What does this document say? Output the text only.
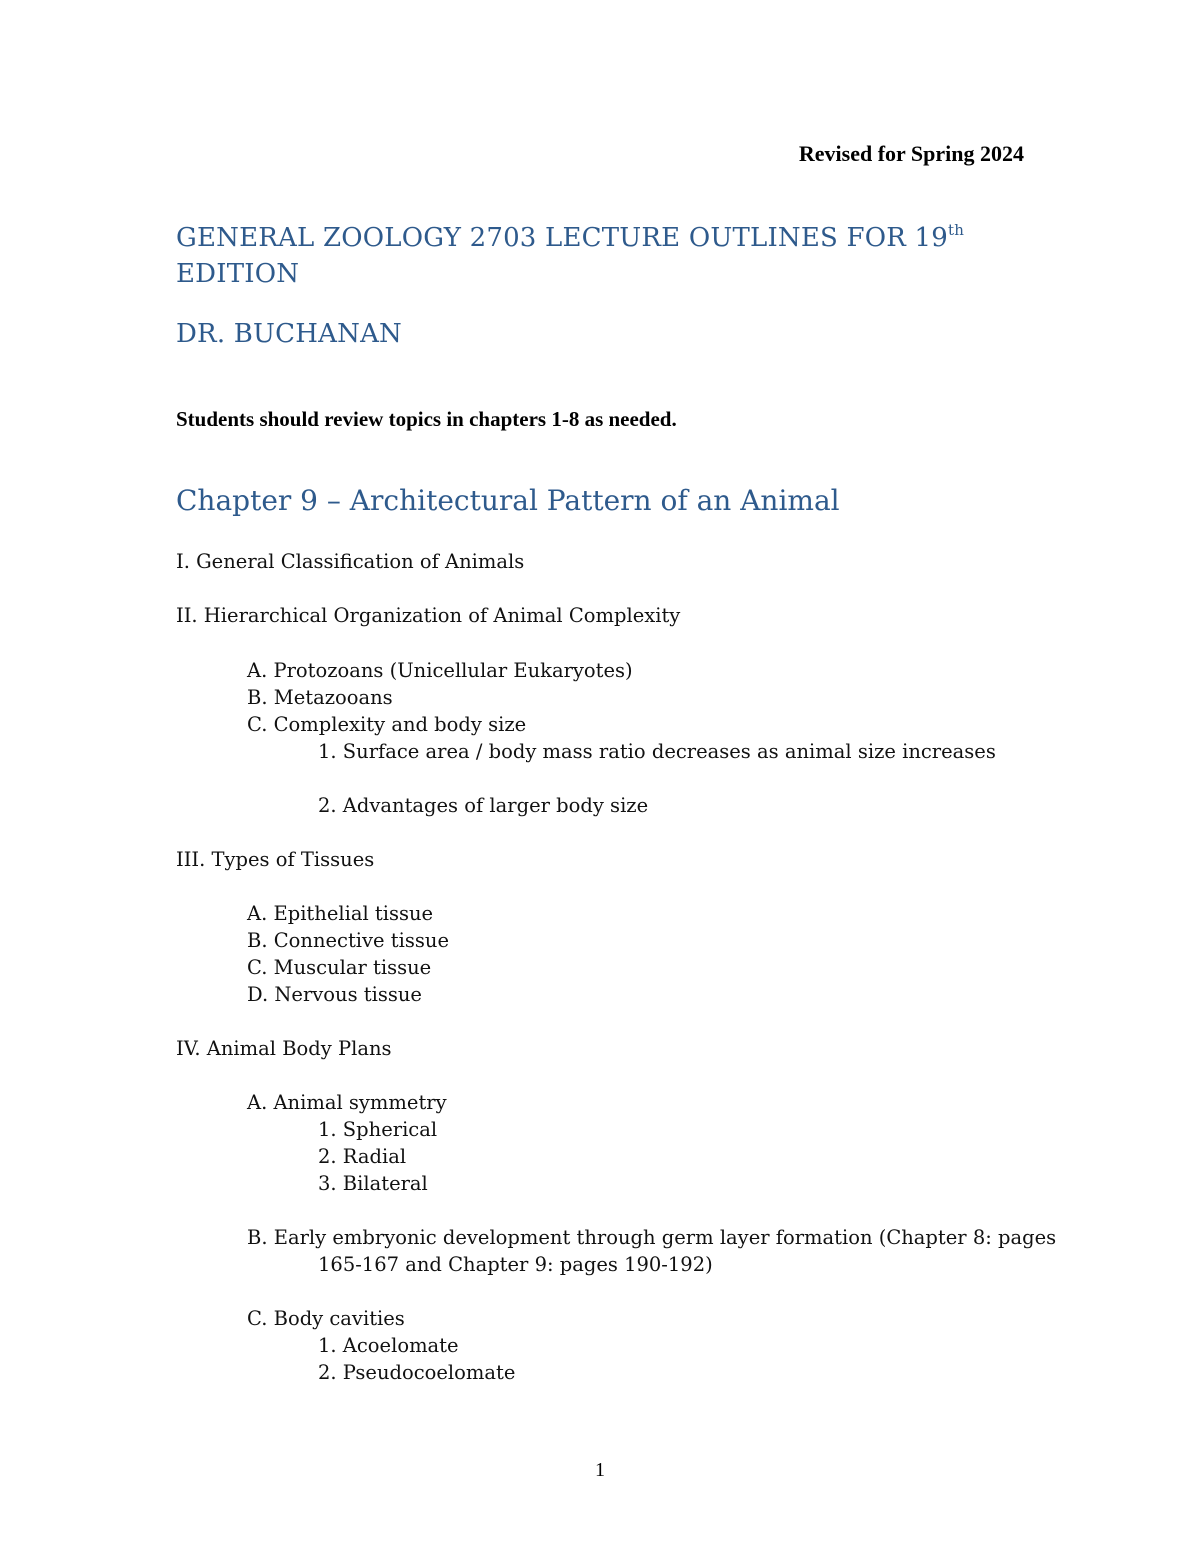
Revised for Spring 2024
GENERAL ZOOLOGY 2703 LECTURE OUTLINES FOR 19th
EDITION
DR. BUCHANAN
Students should review topics in chapters 1-8 as needed.
Chapter 9 – Architectural Pattern of an Animal
I. General Classification of Animals
II. Hierarchical Organization of Animal Complexity
A. Protozoans (Unicellular Eukaryotes)
B. Metazooans
C. Complexity and body size
1. Surface area / body mass ratio decreases as animal size increases
2. Advantages of larger body size
III. Types of Tissues
A. Epithelial tissue
B. Connective tissue
C. Muscular tissue
D. Nervous tissue
IV. Animal Body Plans
A. Animal symmetry
1. Spherical
2. Radial
3. Bilateral
B. Early embryonic development through germ layer formation (Chapter 8: pages
165-167 and Chapter 9: pages 190-192)
C. Body cavities
1. Acoelomate
2. Pseudocoelomate
1
